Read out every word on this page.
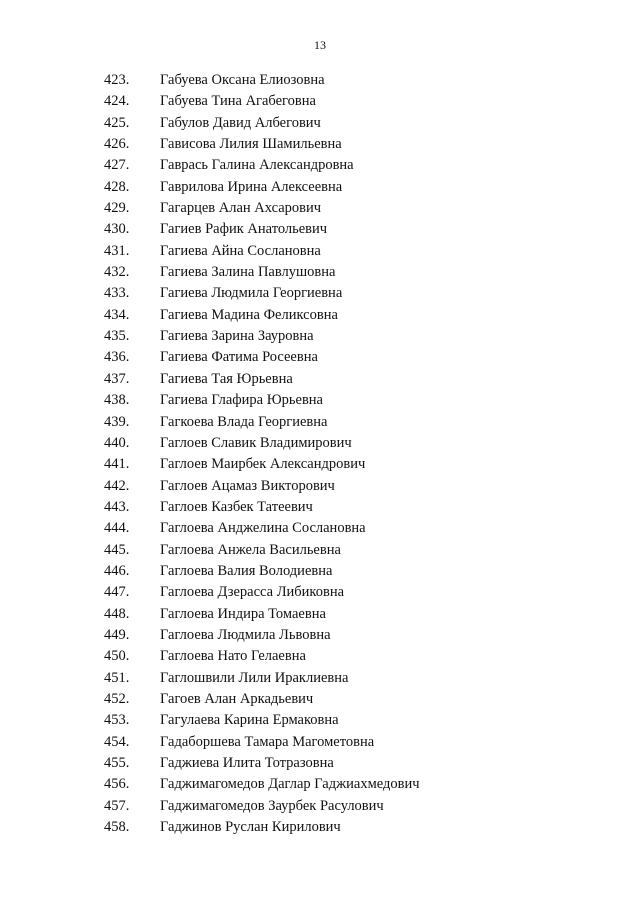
13
423. Габуева Оксана Елиозовна
424. Габуева Тина Агабеговна
425. Габулов Давид Албегович
426. Гависова Лилия Шамильевна
427. Гаврась Галина Александровна
428. Гаврилова Ирина Алексеевна
429. Гагарцев Алан Ахсарович
430. Гагиев Рафик Анатольевич
431. Гагиева Айна Сослановна
432. Гагиева Залина Павлушовна
433. Гагиева Людмила Георгиевна
434. Гагиева Мадина Феликсовна
435. Гагиева Зарина Зауровна
436. Гагиева Фатима Росеевна
437. Гагиева Тая Юрьевна
438. Гагиева Глафира Юрьевна
439. Гагкоева Влада Георгиевна
440. Гаглоев Славик Владимирович
441. Гаглоев Маирбек Александрович
442. Гаглоев Ацамаз Викторович
443. Гаглоев Казбек Татеевич
444. Гаглоева Анджелина Сослановна
445. Гаглоева Анжела Васильевна
446. Гаглоева Валия Володиевна
447. Гаглоева Дзерасса Либиковна
448. Гаглоева Индира Томаевна
449. Гаглоева Людмила Львовна
450. Гаглоева Нато Гелаевна
451. Гаглошвили Лили Ираклиевна
452. Гагоев Алан Аркадьевич
453. Гагулаева Карина Ермаковна
454. Гадаборшева Тамара Магометовна
455. Гаджиева Илита Тотразовна
456. Гаджимагомедов Даглар Гаджиахмедович
457. Гаджимагомедов Заурбек Расулович
458. Гаджинов Руслан Кирилович
